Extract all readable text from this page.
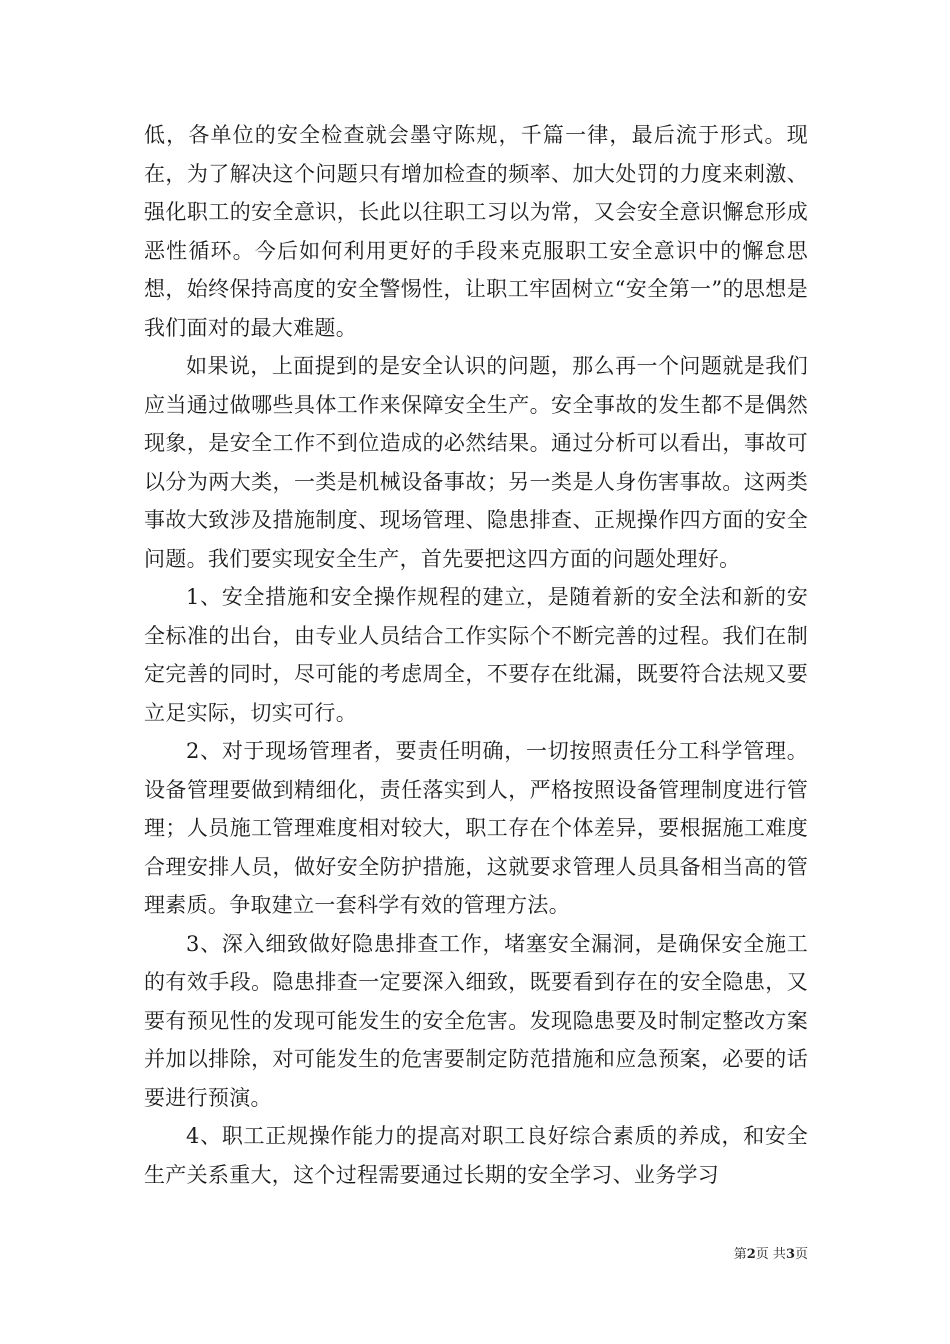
低，各单位的安全检查就会墨守陈规，千篇一律，最后流于形式。现在，为了解决这个问题只有增加检查的频率、加大处罚的力度来刺激、强化职工的安全意识，长此以往职工习以为常，又会安全意识懈怠形成恶性循环。今后如何利用更好的手段来克服职工安全意识中的懈怠思想，始终保持高度的安全警惕性，让职工牢固树立“安全第一”的思想是我们面对的最大难题。

如果说，上面提到的是安全认识的问题，那么再一个问题就是我们应当通过做哪些具体工作来保障安全生产。安全事故的发生都不是偶然现象，是安全工作不到位造成的必然结果。通过分析可以看出，事故可以分为两大类，一类是机械设备事故；另一类是人身伤害事故。这两类事故大致涉及措施制度、现场管理、隐患排查、正规操作四方面的安全问题。我们要实现安全生产，首先要把这四方面的问题处理好。

1、安全措施和安全操作规程的建立，是随着新的安全法和新的安全标准的出台，由专业人员结合工作实际个不断完善的过程。我们在制定完善的同时，尽可能的考虑周全，不要存在纰漏，既要符合法规又要立足实际，切实可行。

2、对于现场管理者，要责任明确，一切按照责任分工科学管理。设备管理要做到精细化，责任落实到人，严格按照设备管理制度进行管理；人员施工管理难度相对较大，职工存在个体差异，要根据施工难度合理安排人员，做好安全防护措施，这就要求管理人员具备相当高的管理素质。争取建立一套科学有效的管理方法。

3、深入细致做好隐患排查工作，堵塞安全漏洞，是确保安全施工的有效手段。隐患排查一定要深入细致，既要看到存在的安全隐患，又要有预见性的发现可能发生的安全危害。发现隐患要及时制定整改方案并加以排除，对可能发生的危害要制定防范措施和应急预案，必要的话要进行预演。

4、职工正规操作能力的提高对职工良好综合素质的养成，和安全生产关系重大，这个过程需要通过长期的安全学习、业务学习

第2页 共3页
